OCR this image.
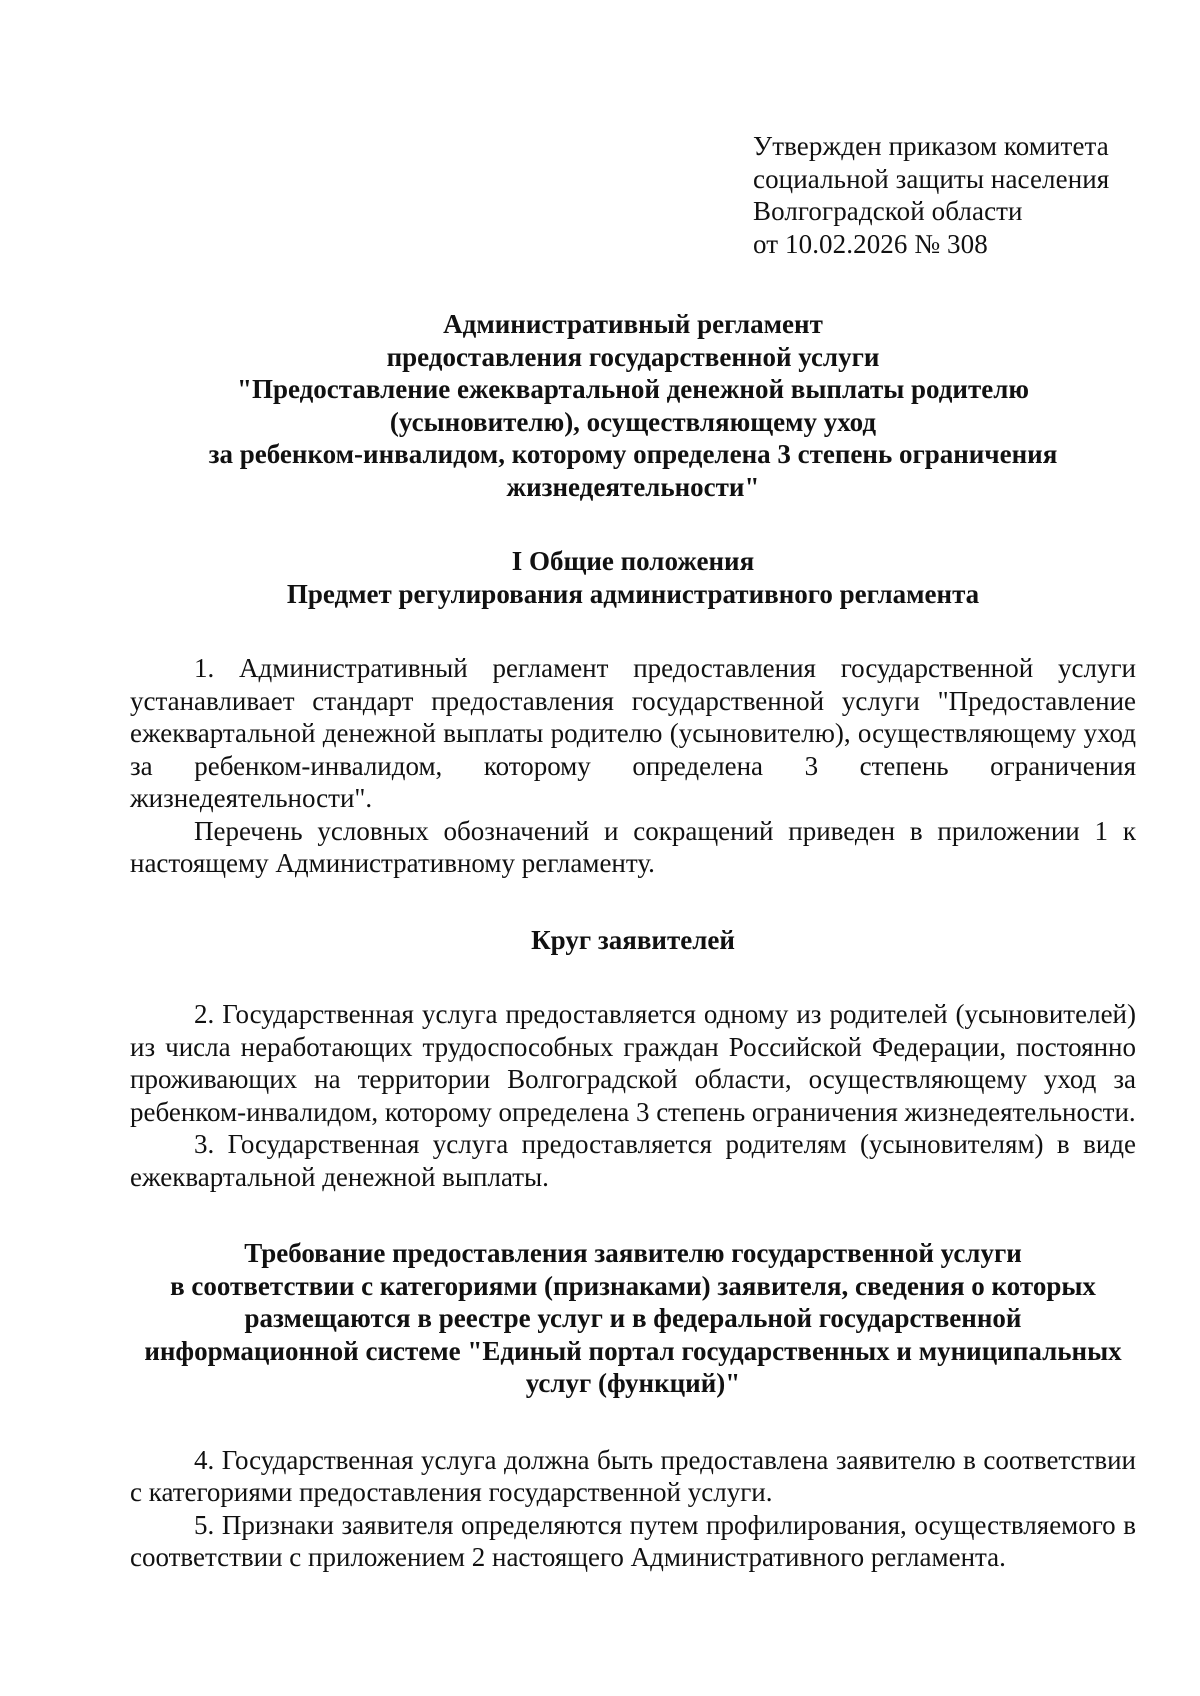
Утвержден приказом комитета
социальной защиты населения
Волгоградской области
от 10.02.2026 № 308
Административный регламент
предоставления государственной услуги
"Предоставление ежеквартальной денежной выплаты родителю
(усыновителю), осуществляющему уход
за ребенком-инвалидом, которому определена 3 степень ограничения
жизнедеятельности"
I Общие положения
Предмет регулирования административного регламента

1. Административный регламент предоставления государственной услуги устанавливает стандарт предоставления государственной услуги "Предоставление ежеквартальной денежной выплаты родителю (усыновителю), осуществляющему уход за ребенком-инвалидом, которому определена 3 степень ограничения жизнедеятельности".

Перечень условных обозначений и сокращений приведен в приложении 1 к настоящему Административному регламенту.

Круг заявителей

2. Государственная услуга предоставляется одному из родителей (усыновителей) из числа неработающих трудоспособных граждан Российской Федерации, постоянно проживающих на территории Волгоградской области, осуществляющему уход за ребенком-инвалидом, которому определена 3 степень ограничения жизнедеятельности.

3. Государственная услуга предоставляется родителям (усыновителям) в виде ежеквартальной денежной выплаты.

Требование предоставления заявителю государственной услуги
в соответствии с категориями (признаками) заявителя, сведения о которых
размещаются в реестре услуг и в федеральной государственной
информационной системе "Единый портал государственных и муниципальных
услуг (функций)"

4. Государственная услуга должна быть предоставлена заявителю в соответствии с категориями предоставления государственной услуги.

5. Признаки заявителя определяются путем профилирования, осуществляемого в соответствии с приложением 2 настоящего Административного регламента.
